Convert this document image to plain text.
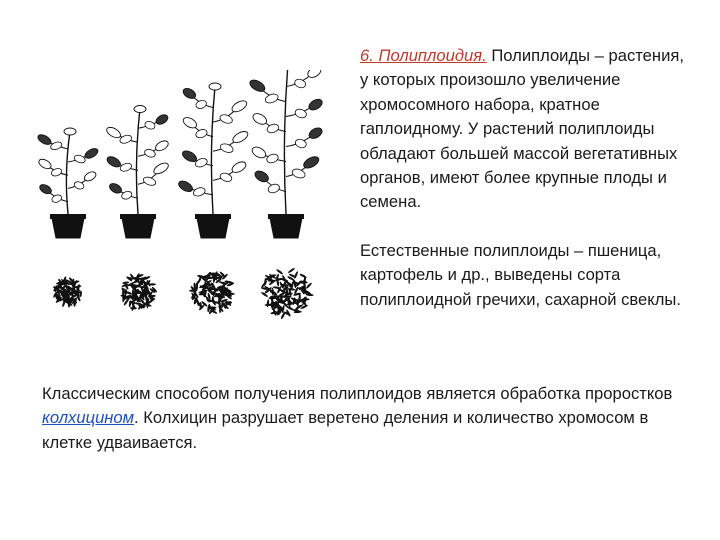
6. Полиплоидия. Полиплоиды – растения, у которых произошло увеличение хромосомного набора, кратное гаплоидному. У растений полиплоиды обладают большей массой вегетативных органов, имеют более крупные плоды и семена.

Естественные полиплоиды – пшеница, картофель и др., выведены сорта полиплоидной гречихи, сахарной свеклы.

Классическим способом получения полиплоидов является обработка проростков колхицином. Колхицин разрушает веретено деления и количество хромосом в клетке удваивается.
